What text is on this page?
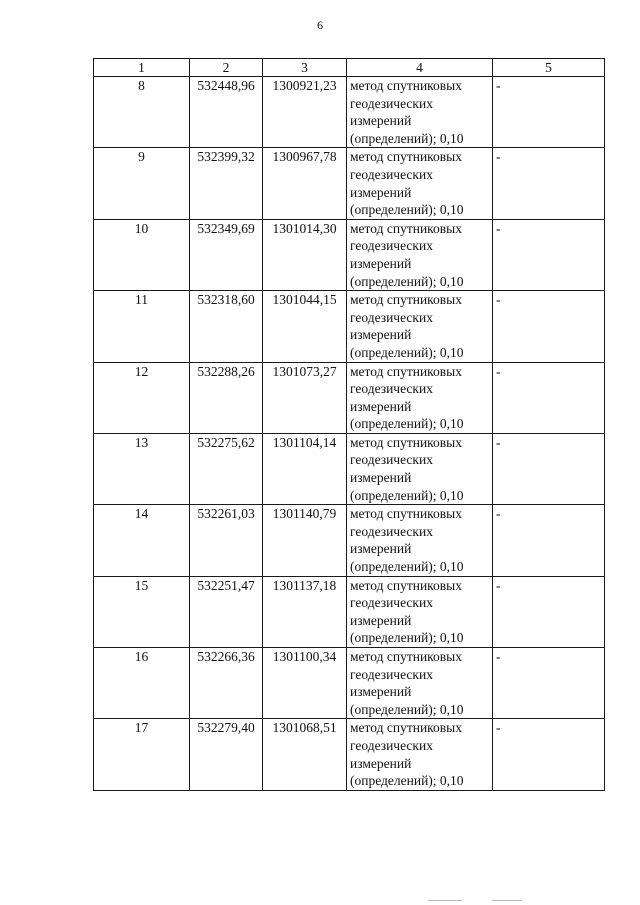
6
1	2	3	4	5
8	532448,96	1300921,23	метод спутниковых
геодезических
измерений
(определений); 0,10	-
9	532399,32	1300967,78	метод спутниковых
геодезических
измерений
(определений); 0,10	-
10	532349,69	1301014,30	метод спутниковых
геодезических
измерений
(определений); 0,10	-
11	532318,60	1301044,15	метод спутниковых
геодезических
измерений
(определений); 0,10	-
12	532288,26	1301073,27	метод спутниковых
геодезических
измерений
(определений); 0,10	-
13	532275,62	1301104,14	метод спутниковых
геодезических
измерений
(определений); 0,10	-
14	532261,03	1301140,79	метод спутниковых
геодезических
измерений
(определений); 0,10	-
15	532251,47	1301137,18	метод спутниковых
геодезических
измерений
(определений); 0,10	-
16	532266,36	1301100,34	метод спутниковых
геодезических
измерений
(определений); 0,10	-
17	532279,40	1301068,51	метод спутниковых
геодезических
измерений
(определений); 0,10	-
